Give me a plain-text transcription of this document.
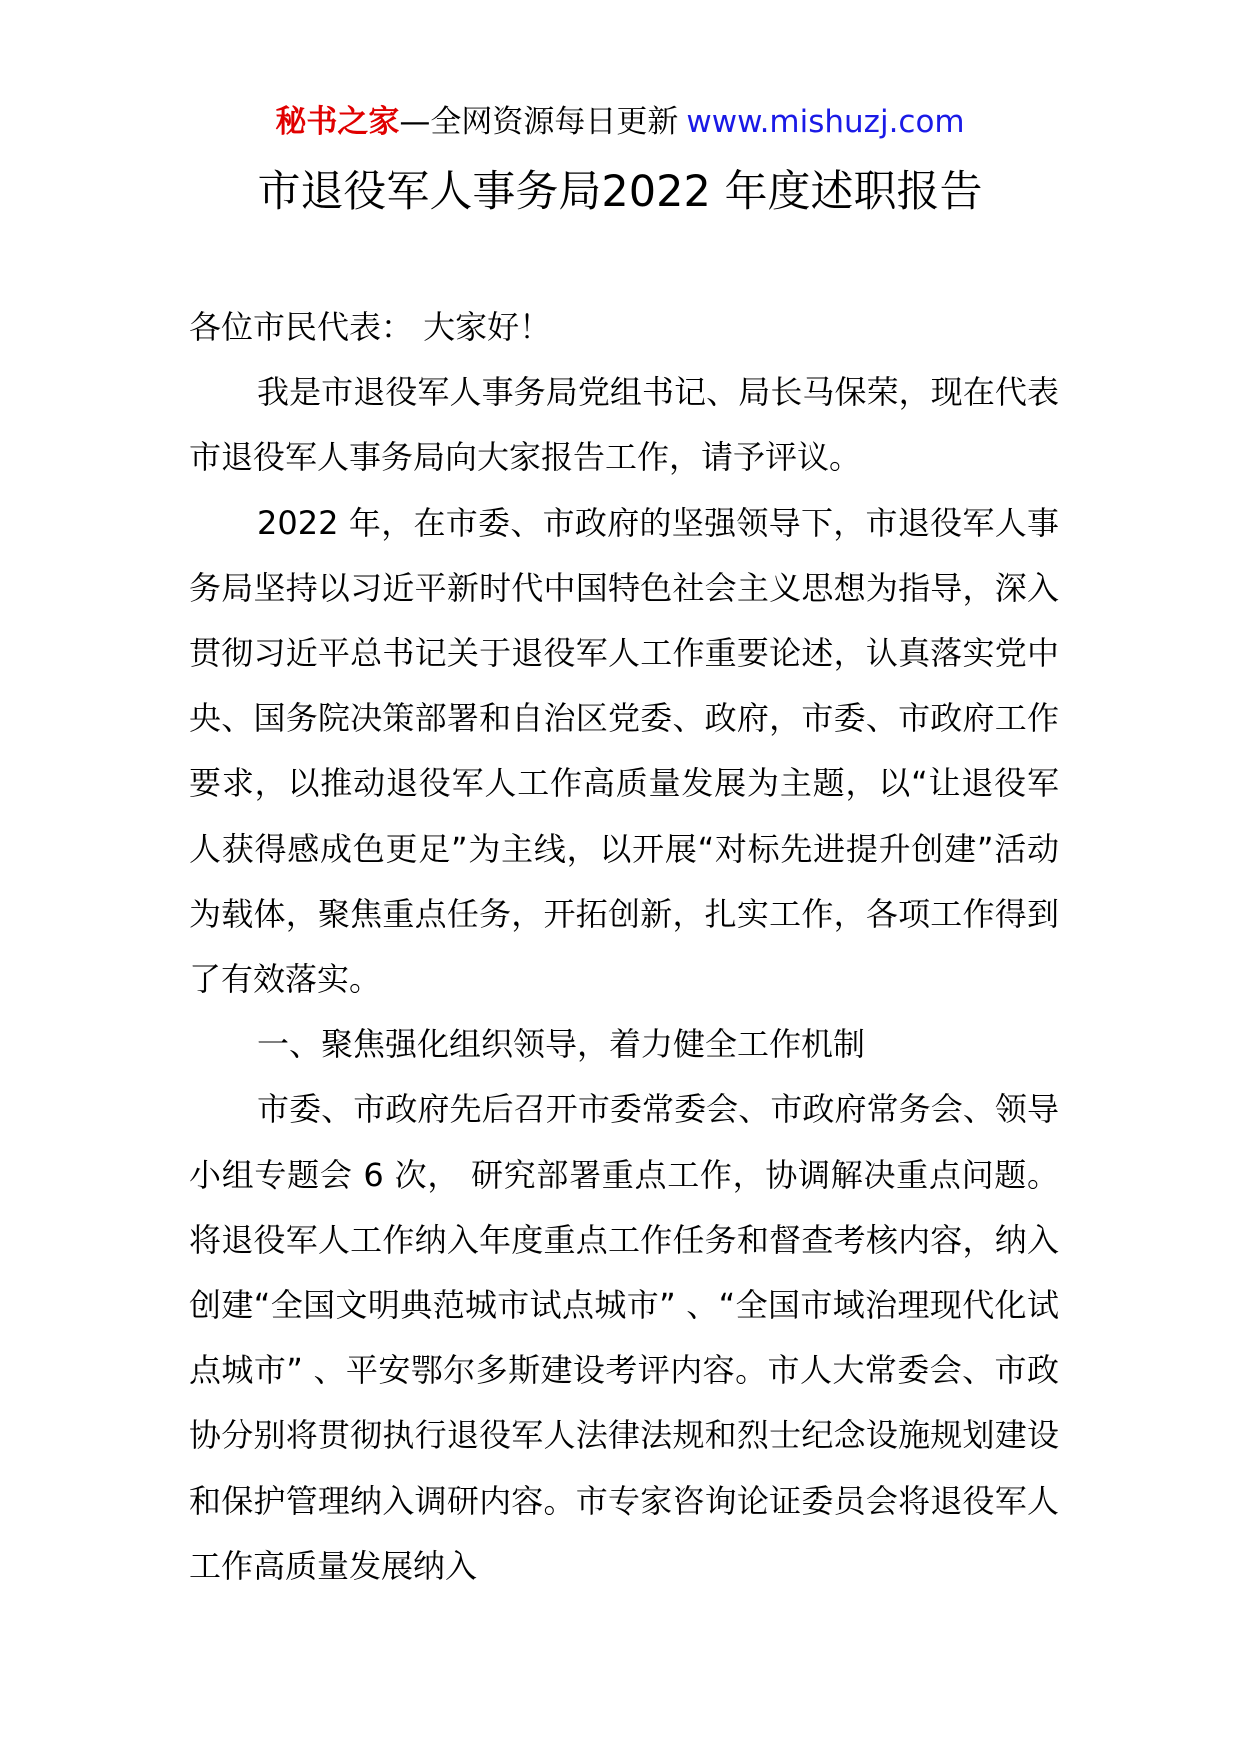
秘书之家—全网资源每日更新 www.mishuzj.com
市退役军人事务局2022 年度述职报告

各位市民代表： 大家好！

我是市退役军人事务局党组书记、局长马保荣，现在代表市退役军人事务局向大家报告工作，请予评议。

2022 年，在市委、市政府的坚强领导下，市退役军人事务局坚持以习近平新时代中国特色社会主义思想为指导，深入贯彻习近平总书记关于退役军人工作重要论述，认真落实党中央、国务院决策部署和自治区党委、政府，市委、市政府工作要求，以推动退役军人工作高质量发展为主题，以“让退役军人获得感成色更足”为主线，以开展“对标先进提升创建”活动为载体，聚焦重点任务，开拓创新，扎实工作，各项工作得到了有效落实。

一、聚焦强化组织领导，着力健全工作机制

市委、市政府先后召开市委常委会、市政府常务会、领导小组专题会 6 次， 研究部署重点工作，协调解决重点问题。将退役军人工作纳入年度重点工作任务和督查考核内容，纳入创建“全国文明典范城市试点城市” 、“全国市域治理现代化试点城市” 、平安鄂尔多斯建设考评内容。市人大常委会、市政协分别将贯彻执行退役军人法律法规和烈士纪念设施规划建设和保护管理纳入调研内容。市专家咨询论证委员会将退役军人工作高质量发展纳入
